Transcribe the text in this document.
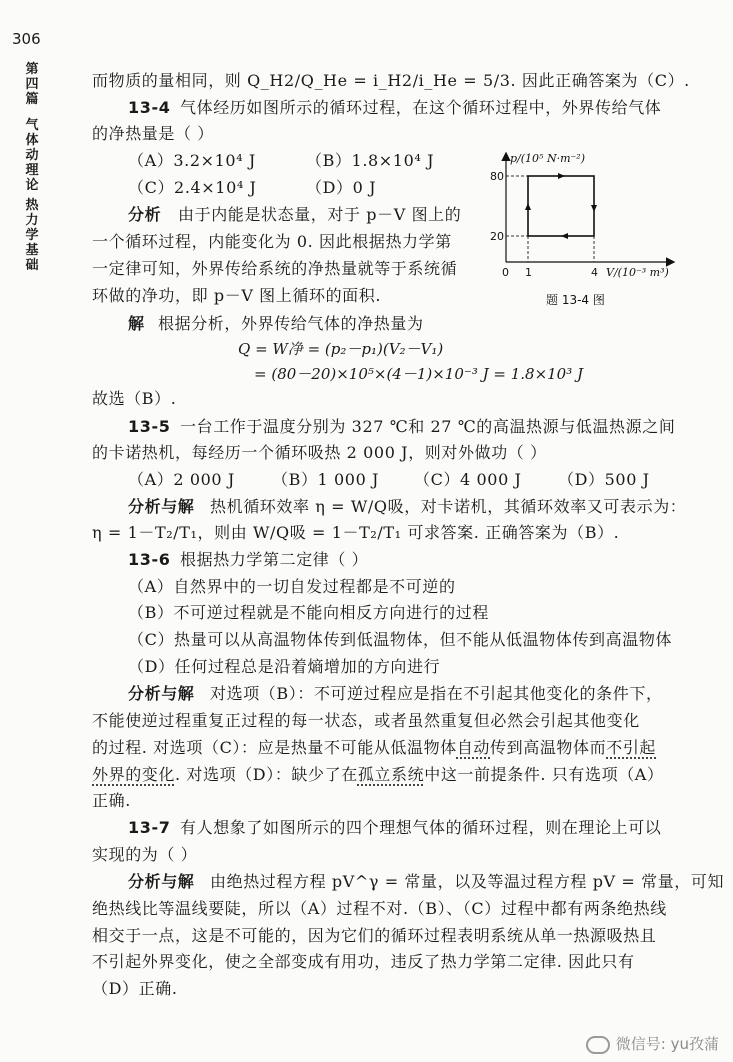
306
第
四
篇
气
体
动
理
论
热
力
学
基
础
而物质的量相同，则 Q_H2/Q_He = i_H2/i_He = 5/3. 因此正确答案为（C）.
13-4 气体经历如图所示的循环过程，在这个循环过程中，外界传给气体
的净热量是（ ）
（A）3.2×10⁴ J	（B）1.8×10⁴ J
（C）2.4×10⁴ J	（D）0 J
分析 由于内能是状态量，对于 p－V 图上的
一个循环过程，内能变化为 0. 因此根据热力学第
一定律可知，外界传给系统的净热量就等于系统循
环做的净功，即 p－V 图上循环的面积.
解 根据分析，外界传给气体的净热量为
Q = W净 = (p₂－p₁)(V₂－V₁)
= (80－20)×10⁵×(4－1)×10⁻³ J = 1.8×10³ J
故选（B）.
13-5 一台工作于温度分别为 327 ℃和 27 ℃的高温热源与低温热源之间
的卡诺热机，每经历一个循环吸热 2 000 J，则对外做功（ ）
（A）2 000 J （B）1 000 J （C）4 000 J （D）500 J
分析与解 热机循环效率 η = W/Q吸，对卡诺机，其循环效率又可表示为：
η = 1－T₂/T₁，则由 W/Q吸 = 1－T₂/T₁ 可求答案. 正确答案为（B）.
13-6 根据热力学第二定律（ ）
（A）自然界中的一切自发过程都是不可逆的
（B）不可逆过程就是不能向相反方向进行的过程
（C）热量可以从高温物体传到低温物体，但不能从低温物体传到高温物体
（D）任何过程总是沿着熵增加的方向进行
分析与解 对选项（B）：不可逆过程应是指在不引起其他变化的条件下，
不能使逆过程重复正过程的每一状态，或者虽然重复但必然会引起其他变化
的过程. 对选项（C）：应是热量不可能从低温物体自动传到高温物体而不引起
外界的变化. 对选项（D）：缺少了在孤立系统中这一前提条件. 只有选项（A）
正确.
13-7 有人想象了如图所示的四个理想气体的循环过程，则在理论上可以
实现的为（ ）
分析与解 由绝热过程方程 pV^γ = 常量，以及等温过程方程 pV = 常量，可知
绝热线比等温线要陡，所以（A）过程不对.（B）、（C）过程中都有两条绝热线
相交于一点，这是不可能的，因为它们的循环过程表明系统从单一热源吸热且
不引起外界变化，使之全部变成有用功，违反了热力学第二定律. 因此只有
（D）正确.
p/(10⁵ N·m⁻²)
80
20
0 1	4 V/(10⁻³ m³)
题 13-4 图
微信号: yu孜蒲
